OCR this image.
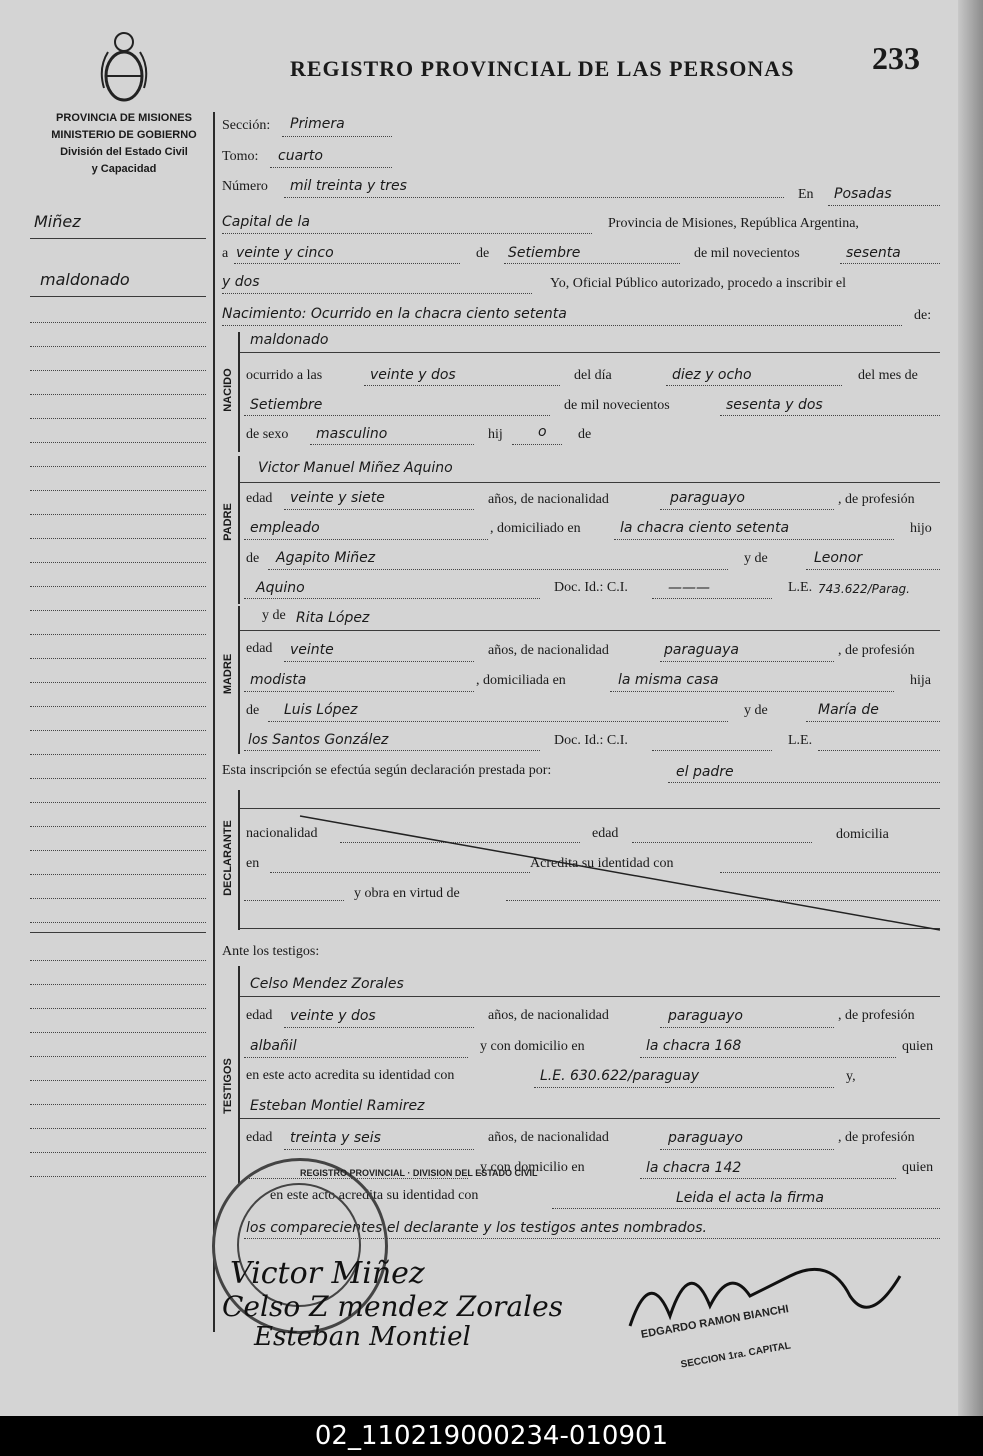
PROVINCIA DE MISIONES
MINISTERIO DE GOBIERNO
División del Estado Civil
y Capacidad
REGISTRO PROVINCIAL DE LAS PERSONAS 233
Miñez
maldonado
Sección: Primera
Tomo: cuarto
Número mil treinta y tres
En Posadas
Capital de la	Provincia de Misiones, República Argentina,
a veinte y cinco	de Setiembre	de mil novecientos	sesenta
y dos	Yo, Oficial Público autorizado, procedo a inscribir el
Nacimiento: Ocurrido en la chacra ciento setenta	de:
NACIDO
maldonado
ocurrido a las	veinte y dos	del día	diez y ocho	del mes de
Setiembre	de mil novecientos	sesenta y dos
de sexo masculino	hij	o de
PADRE
Victor Manuel Miñez Aquino
edad veinte y siete	años, de nacionalidad	paraguayo	, de profesión
empleado	, domiciliado en	la chacra ciento setenta	hijo
de Agapito Miñez	y de	Leonor
Aquino	Doc. Id.: C.I.	———	L.E. 743.622/Parag.
MADRE
y de Rita López
edad veinte	años, de nacionalidad	paraguaya	, de profesión
modista	, domiciliada en	la misma casa	hija
de Luis López	y de	María de
los Santos González	Doc. Id.: C.I.	L.E.
Esta inscripción se efectúa según declaración prestada por:	el padre
DECLARANTE nacionalidad	edad	domicilia
en	Acredita su identidad con
y obra en virtud de
Ante los testigos:
TESTIGOS
Celso Mendez Zorales
edad veinte y dos	años, de nacionalidad	paraguayo	, de profesión
albañil	y con domicilio en	la chacra 168	quien
en este acto acredita su identidad con	L.E. 630.622/paraguay	y,
Esteban Montiel Ramirez
edad treinta y seis	años, de nacionalidad	paraguayo	, de profesión
y con domicilio en	la chacra 142	quien
en este acto acredita su identidad con	Leida el acta la firma
los comparecientes el declarante y los testigos antes nombrados.
REGISTRO PROVINCIAL · DIVISION DEL ESTADO CIVIL
Victor Miñez
Celso Z mendez Zorales
Esteban Montiel	EDGARDO RAMON BIANCHI
SECCION 1ra. CAPITAL
02_110219000234-010901
